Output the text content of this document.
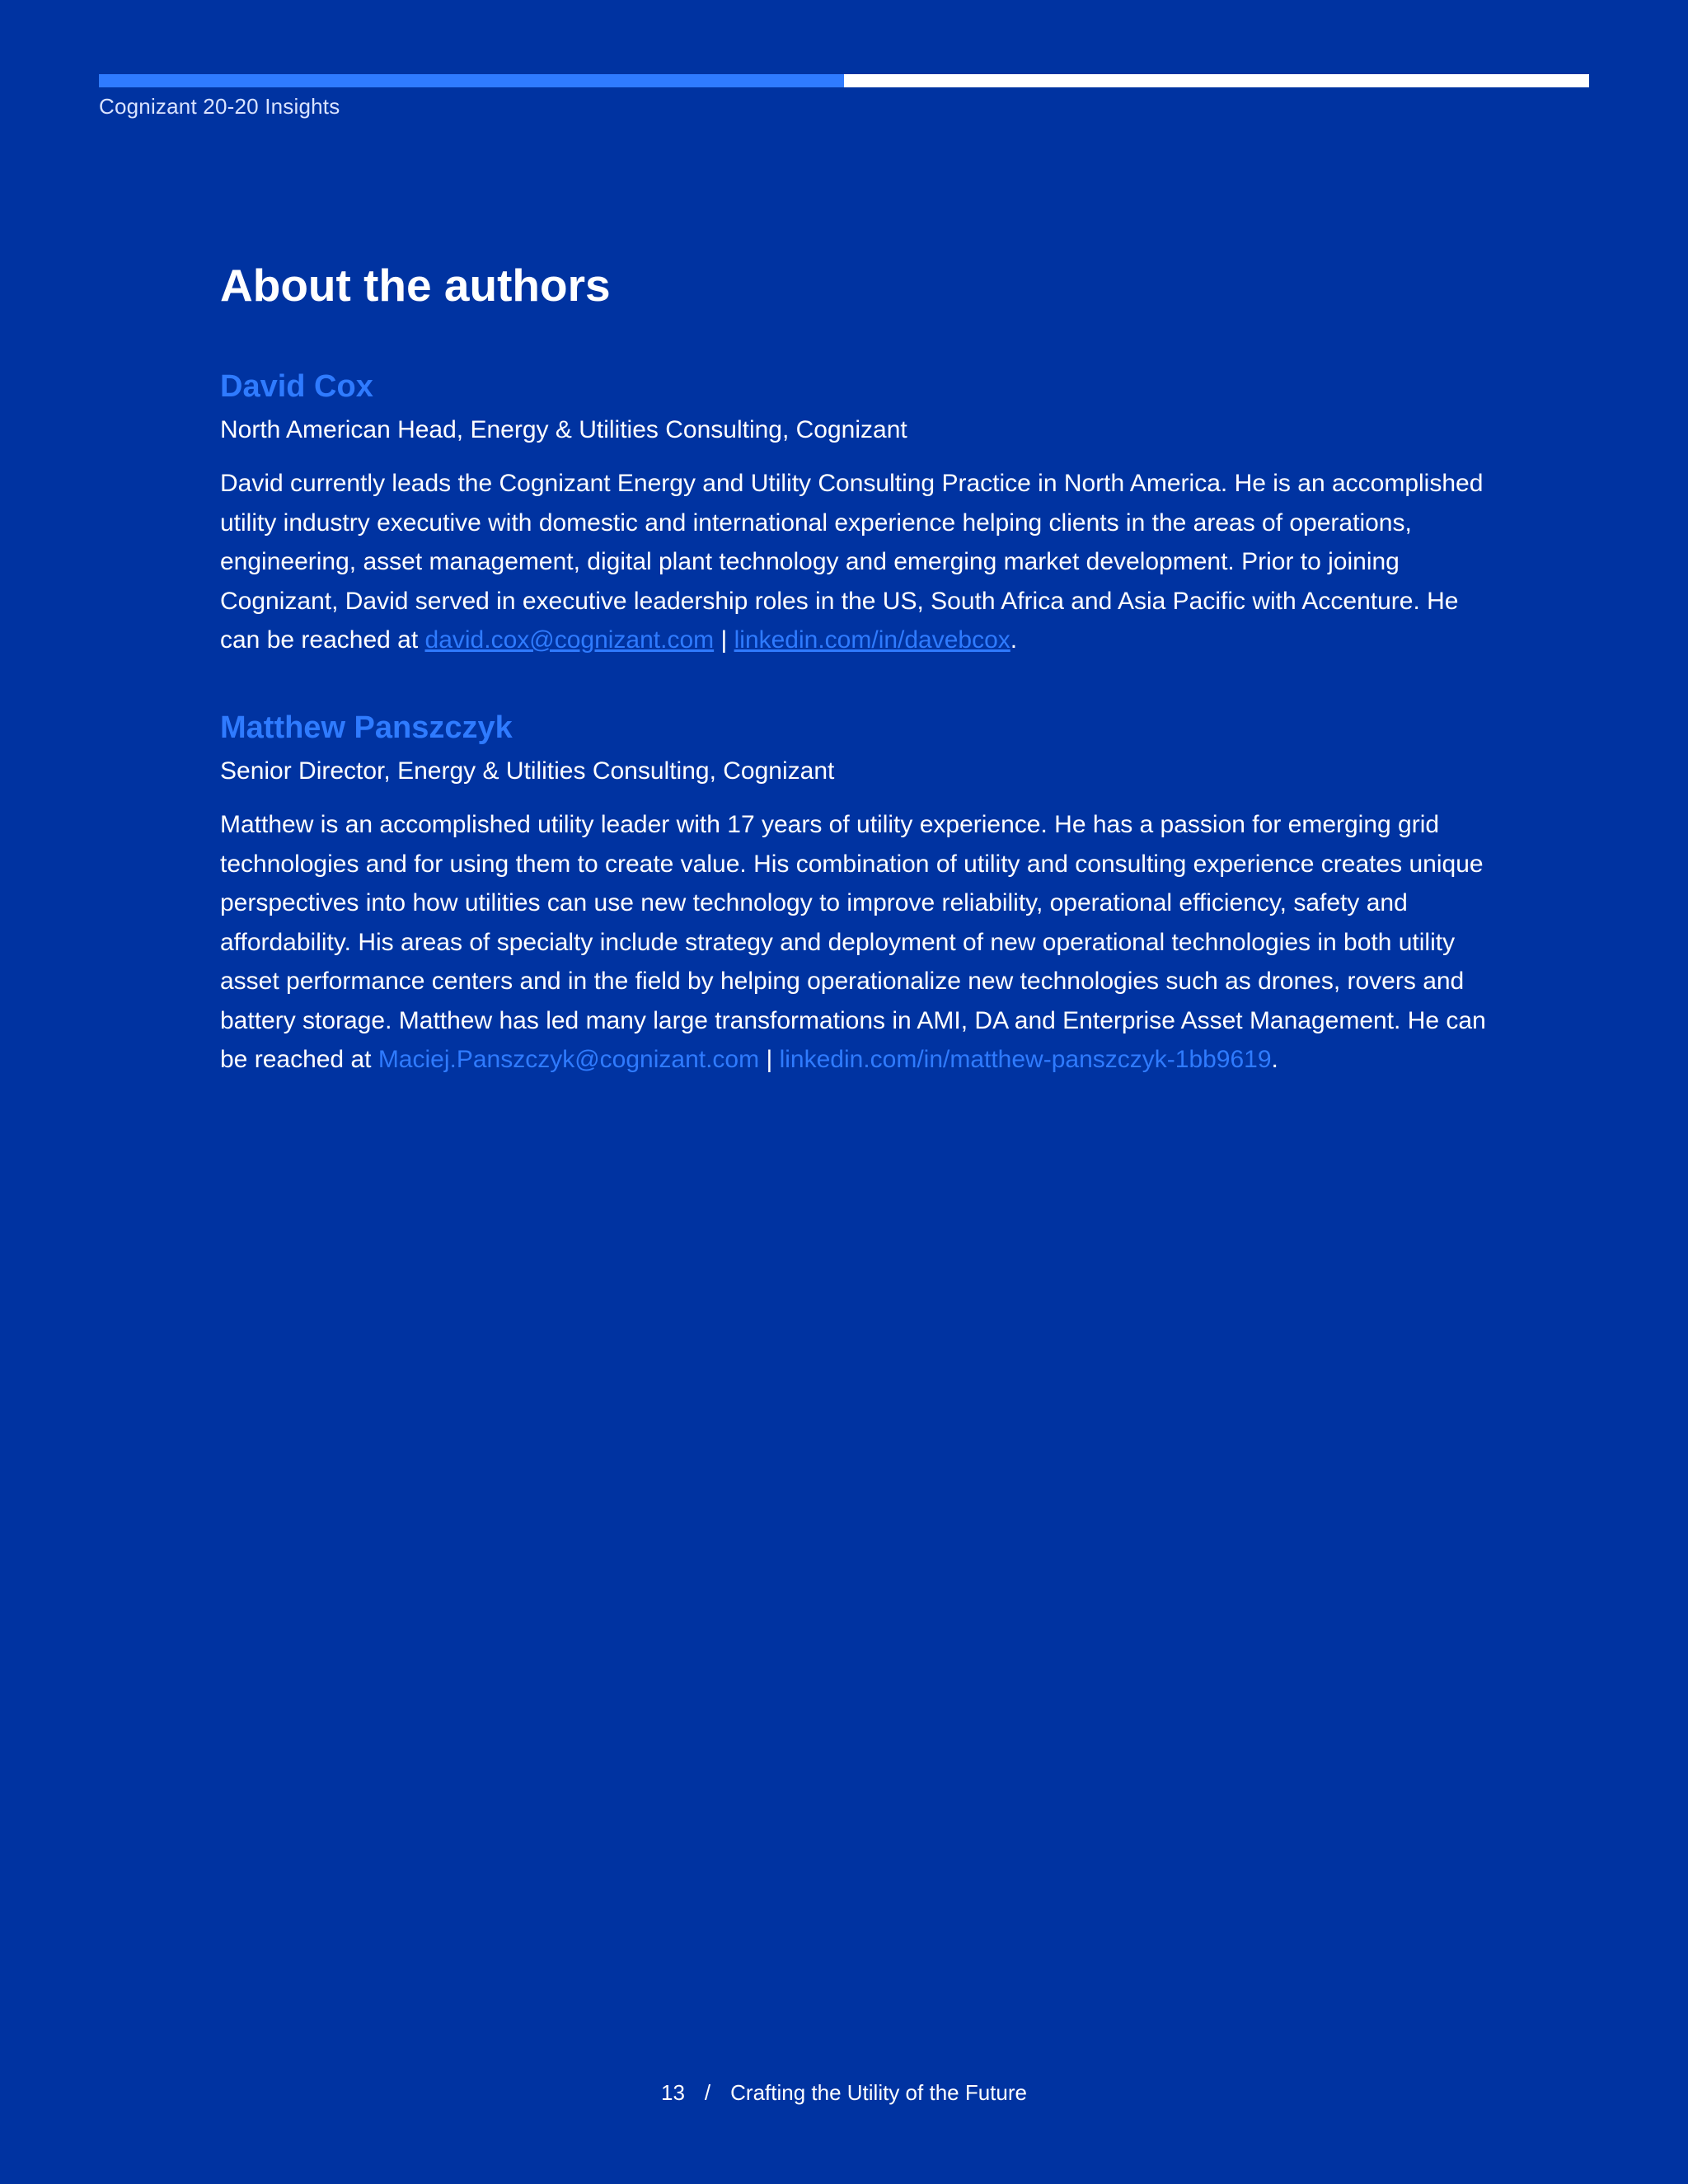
Cognizant 20-20 Insights
About the authors
David Cox

North American Head, Energy & Utilities Consulting, Cognizant

David currently leads the Cognizant Energy and Utility Consulting Practice in North America. He is an accomplished utility industry executive with domestic and international experience helping clients in the areas of operations, engineering, asset management, digital plant technology and emerging market development. Prior to joining Cognizant, David served in executive leadership roles in the US, South Africa and Asia Pacific with Accenture. He can be reached at david.cox@cognizant.com | linkedin.com/in/davebcox.

Matthew Panszczyk

Senior Director, Energy & Utilities Consulting, Cognizant

Matthew is an accomplished utility leader with 17 years of utility experience. He has a passion for emerging grid technologies and for using them to create value. His combination of utility and consulting experience creates unique perspectives into how utilities can use new technology to improve reliability, operational efficiency, safety and affordability. His areas of specialty include strategy and deployment of new operational technologies in both utility asset performance centers and in the field by helping operationalize new technologies such as drones, rovers and battery storage. Matthew has led many large transformations in AMI, DA and Enterprise Asset Management. He can be reached at Maciej.Panszczyk@cognizant.com | linkedin.com/in/matthew-panszczyk-1bb9619.

13 / Crafting the Utility of the Future
